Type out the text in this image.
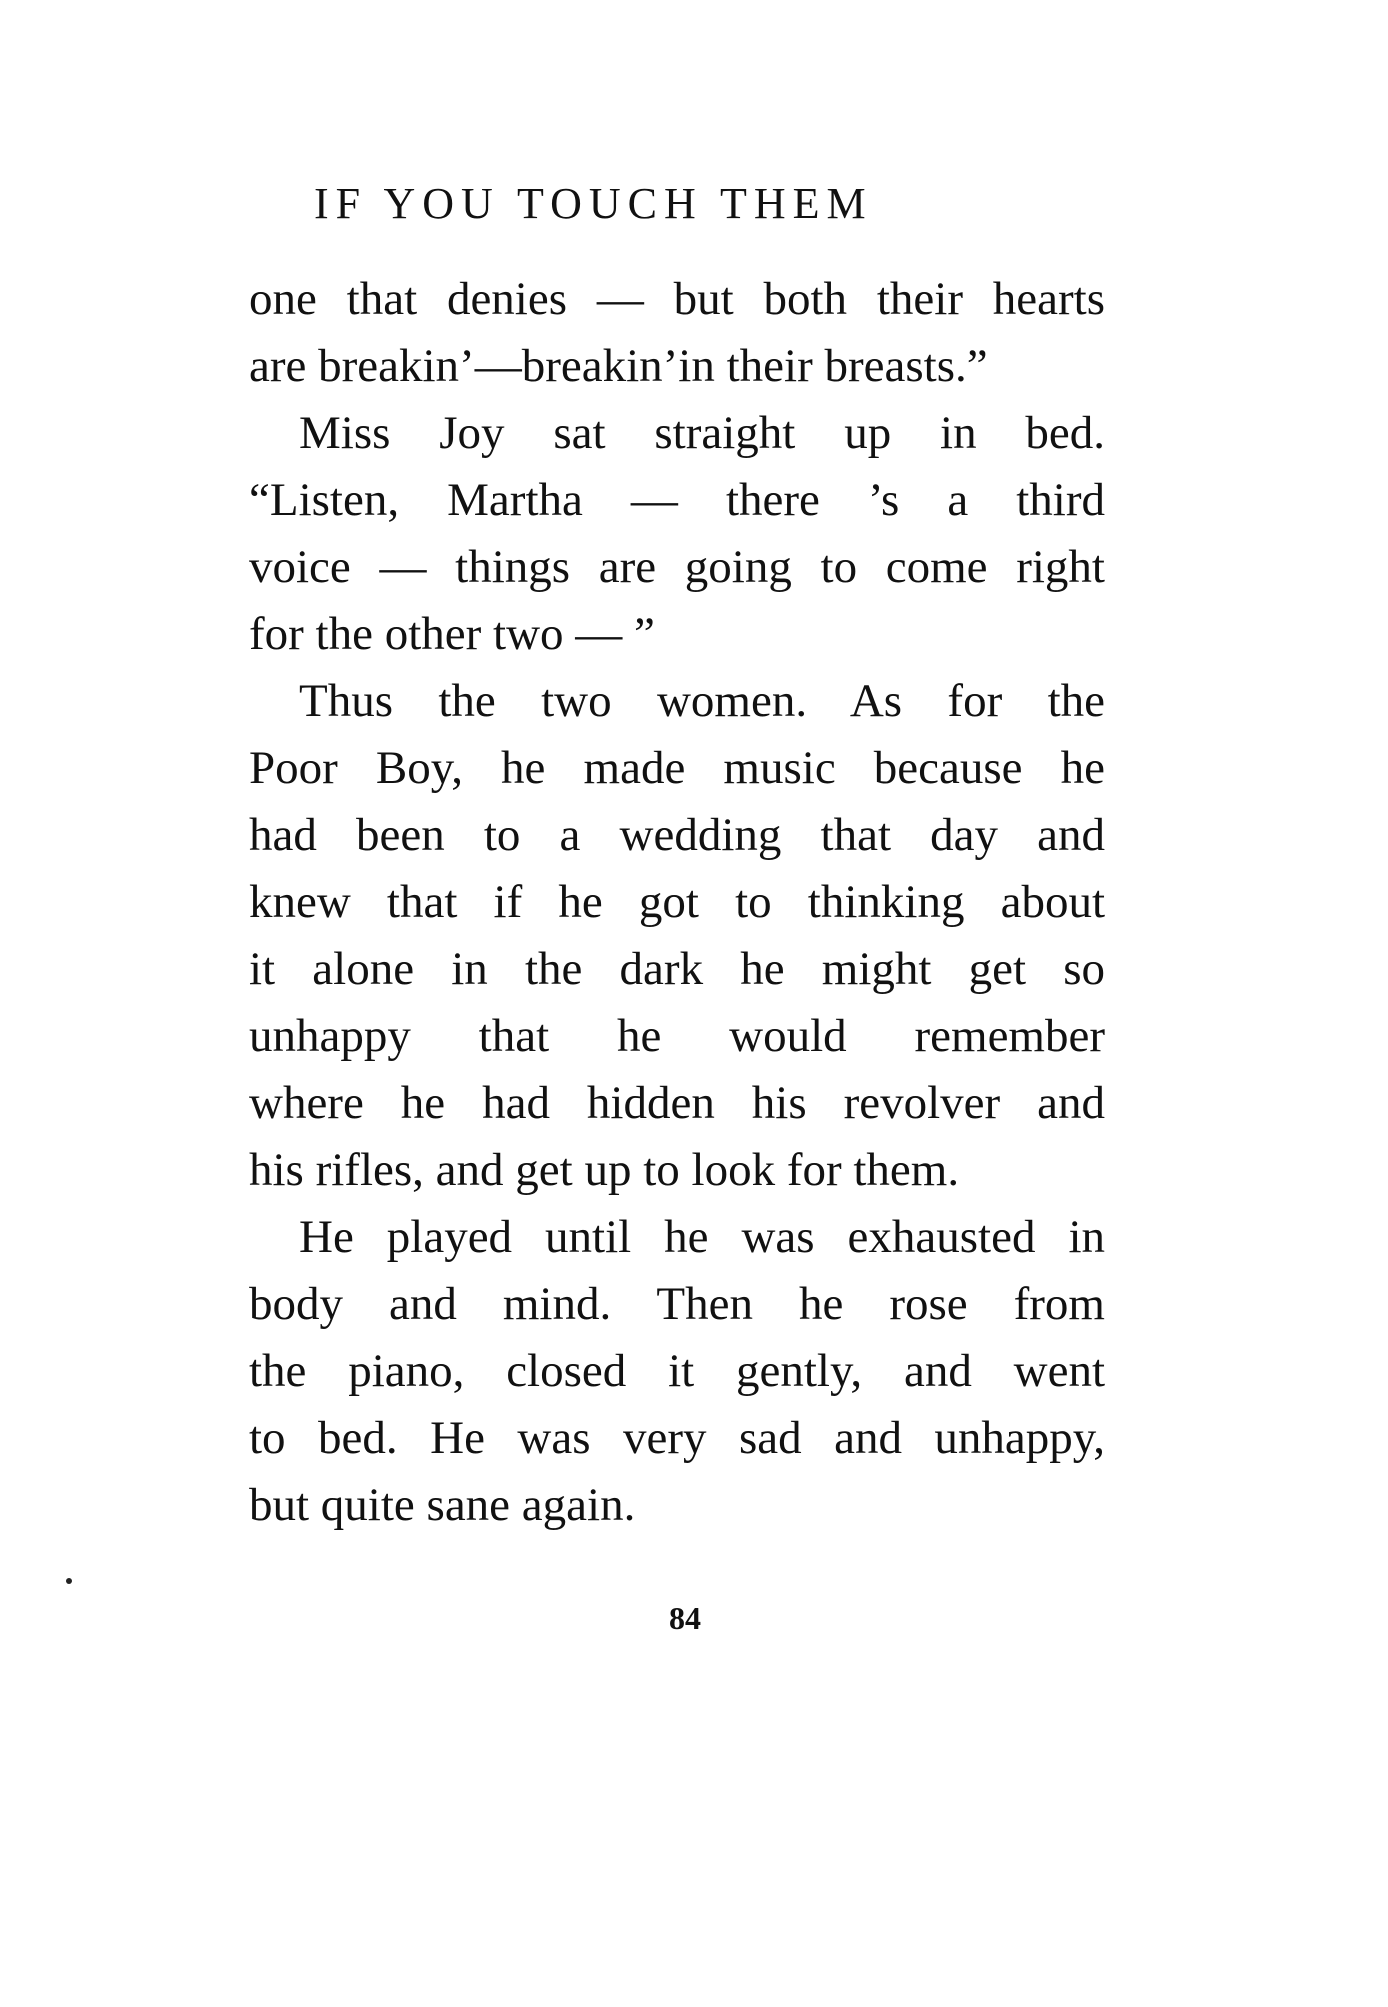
IF YOU TOUCH THEM
one that denies — but both their hearts
are breakin’—breakin’in their breasts.”
Miss Joy sat straight up in bed.
“Listen, Martha — there ’s a third
voice — things are going to come right
for the other two — ”
Thus the two women. As for the
Poor Boy, he made music because he
had been to a wedding that day and
knew that if he got to thinking about
it alone in the dark he might get so
unhappy that he would remember
where he had hidden his revolver and
his rifles, and get up to look for them.
He played until he was exhausted in
body and mind. Then he rose from
the piano, closed it gently, and went
to bed. He was very sad and unhappy,
but quite sane again.
84
